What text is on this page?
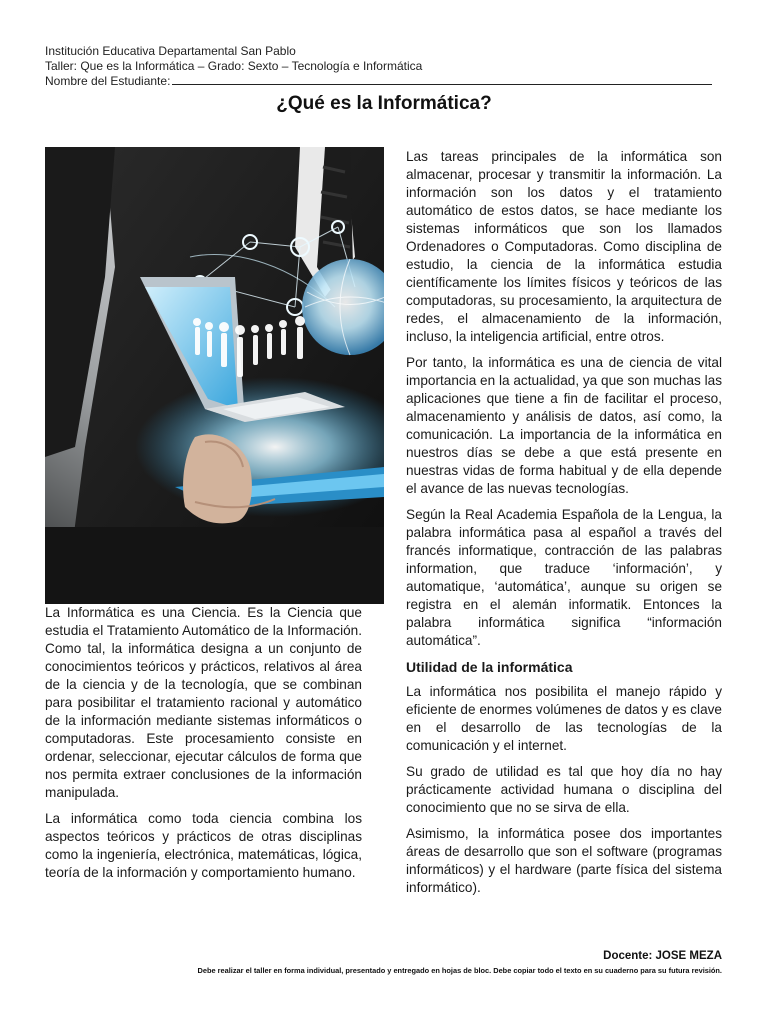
Institución Educativa Departamental San Pablo
Taller: Que es la Informática – Grado: Sexto – Tecnología e Informática
Nombre del Estudiante:
¿Qué es la Informática?

La Informática es una Ciencia. Es la Ciencia que estudia el Tratamiento Automático de la Información. Como tal, la informática designa a un conjunto de conocimientos teóricos y prácticos, relativos al área de la ciencia y de la tecnología, que se combinan para posibilitar el tratamiento racional y automático de la información mediante sistemas informáticos o computadoras. Este procesamiento consiste en ordenar, seleccionar, ejecutar cálculos de forma que nos permita extraer conclusiones de la información manipulada.

La informática como toda ciencia combina los aspectos teóricos y prácticos de otras disciplinas como la ingeniería, electrónica, matemáticas, lógica, teoría de la información y comportamiento humano.

Las tareas principales de la informática son almacenar, procesar y transmitir la información. La información son los datos y el tratamiento automático de estos datos, se hace mediante los sistemas informáticos que son los llamados Ordenadores o Computadoras. Como disciplina de estudio, la ciencia de la informática estudia científicamente los límites físicos y teóricos de las computadoras, su procesamiento, la arquitectura de redes, el almacenamiento de la información, incluso, la inteligencia artificial, entre otros.

Por tanto, la informática es una de ciencia de vital importancia en la actualidad, ya que son muchas las aplicaciones que tiene a fin de facilitar el proceso, almacenamiento y análisis de datos, así como, la comunicación. La importancia de la informática en nuestros días se debe a que está presente en nuestras vidas de forma habitual y de ella depende el avance de las nuevas tecnologías.

Según la Real Academia Española de la Lengua, la palabra informática pasa al español a través del francés informatique, contracción de las palabras information, que traduce ‘información’, y automatique, ‘automática’, aunque su origen se registra en el alemán informatik. Entonces la palabra informática significa “información automática”.

Utilidad de la informática

La informática nos posibilita el manejo rápido y eficiente de enormes volúmenes de datos y es clave en el desarrollo de las tecnologías de la comunicación y el internet.

Su grado de utilidad es tal que hoy día no hay prácticamente actividad humana o disciplina del conocimiento que no se sirva de ella.

Asimismo, la informática posee dos importantes áreas de desarrollo que son el software (programas informáticos) y el hardware (parte física del sistema informático).

Docente: JOSE MEZA
Debe realizar el taller en forma individual, presentado y entregado en hojas de bloc. Debe copiar todo el texto en su cuaderno para su futura revisión.
